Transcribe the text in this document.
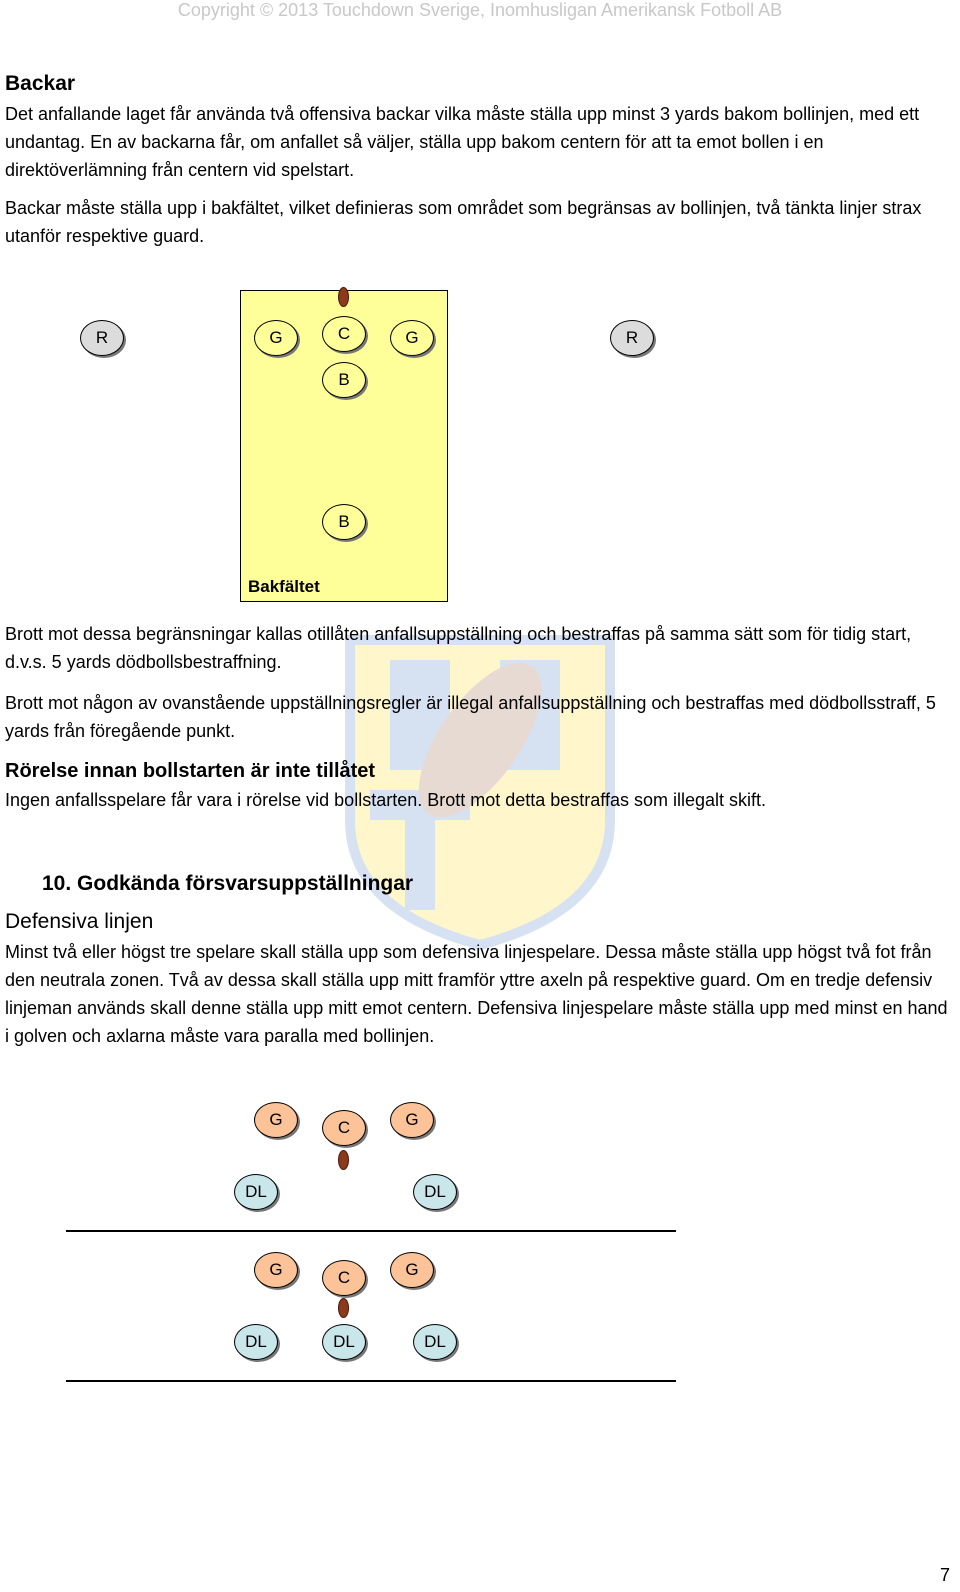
Copyright © 2013 Touchdown Sverige, Inomhusligan Amerikansk Fotboll AB
Backar
Det anfallande laget får använda två offensiva backar vilka måste ställa upp minst 3 yards bakom bollinjen, med ett undantag. En av backarna får, om anfallet så väljer, ställa upp bakom centern för att ta emot bollen i en direktöverlämning från centern vid spelstart.
Backar måste ställa upp i bakfältet, vilket definieras som området som begränsas av bollinjen, två tänkta linjer strax utanför respektive guard.
R	G	C	G	R
B
B
Bakfältet
Brott mot dessa begränsningar kallas otillåten anfallsuppställning och bestraffas på samma sätt som för tidig start, d.v.s. 5 yards dödbollsbestraffning.
Brott mot någon av ovanstående uppställningsregler är illegal anfallsuppställning och bestraffas med dödbollsstraff, 5 yards från föregående punkt.
Rörelse innan bollstarten är inte tillåtet
Ingen anfallsspelare får vara i rörelse vid bollstarten. Brott mot detta bestraffas som illegalt skift.
10. Godkända försvarsuppställningar
Defensiva linjen
Minst två eller högst tre spelare skall ställa upp som defensiva linjespelare. Dessa måste ställa upp högst två fot från den neutrala zonen. Två av dessa skall ställa upp mitt framför yttre axeln på respektive guard. Om en tredje defensiv linjeman används skall denne ställa upp mitt emot centern. Defensiva linjespelare måste ställa upp med minst en hand i golven och axlarna måste vara paralla med bollinjen.
G	C	G
DL	DL
G	C	G
DL	DL	DL
7
